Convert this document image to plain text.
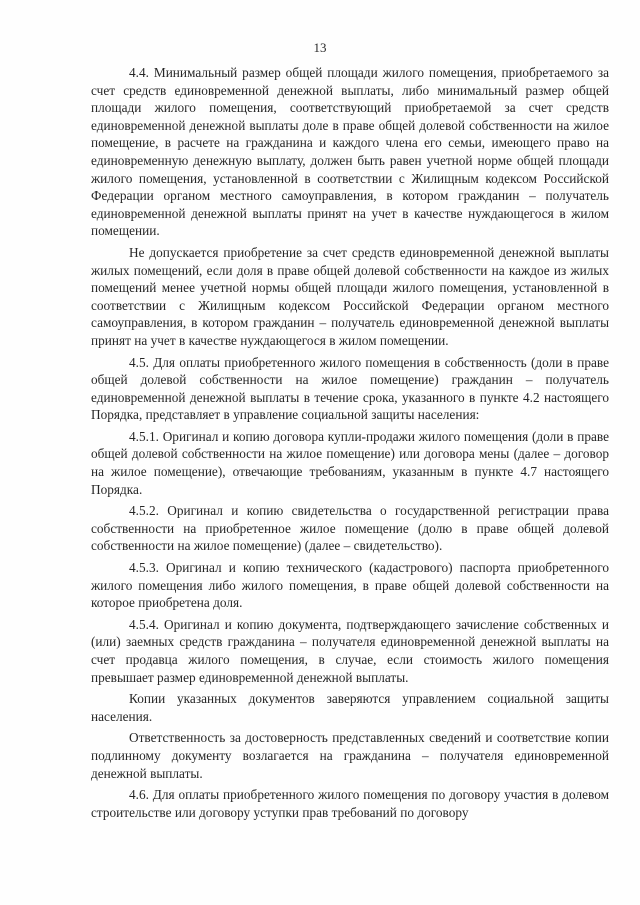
13

4.4. Минимальный размер общей площади жилого помещения, приобретаемого за счет средств единовременной денежной выплаты, либо минимальный размер общей площади жилого помещения, соответствующий приобретаемой за счет средств единовременной денежной выплаты доле в праве общей долевой собственности на жилое помещение, в расчете на гражданина и каждого члена его семьи, имеющего право на единовременную денежную выплату, должен быть равен учетной норме общей площади жилого помещения, установленной в соответствии с Жилищным кодексом Российской Федерации органом местного самоуправления, в котором гражданин – получатель единовременной денежной выплаты принят на учет в качестве нуждающегося в жилом помещении.

Не допускается приобретение за счет средств единовременной денежной выплаты жилых помещений, если доля в праве общей долевой собственности на каждое из жилых помещений менее учетной нормы общей площади жилого помещения, установленной в соответствии с Жилищным кодексом Российской Федерации органом местного самоуправления, в котором гражданин – получатель единовременной денежной выплаты принят на учет в качестве нуждающегося в жилом помещении.

4.5. Для оплаты приобретенного жилого помещения в собственность (доли в праве общей долевой собственности на жилое помещение) гражданин – получатель единовременной денежной выплаты в течение срока, указанного в пункте 4.2 настоящего Порядка, представляет в управление социальной защиты населения:

4.5.1. Оригинал и копию договора купли-продажи жилого помещения (доли в праве общей долевой собственности на жилое помещение) или договора мены (далее – договор на жилое помещение), отвечающие требованиям, указанным в пункте 4.7 настоящего Порядка.

4.5.2. Оригинал и копию свидетельства о государственной регистрации права собственности на приобретенное жилое помещение (долю в праве общей долевой собственности на жилое помещение) (далее – свидетельство).

4.5.3. Оригинал и копию технического (кадастрового) паспорта приобретенного жилого помещения либо жилого помещения, в праве общей долевой собственности на которое приобретена доля.

4.5.4. Оригинал и копию документа, подтверждающего зачисление собственных и (или) заемных средств гражданина – получателя единовременной денежной выплаты на счет продавца жилого помещения, в случае, если стоимость жилого помещения превышает размер единовременной денежной выплаты.

Копии указанных документов заверяются управлением социальной защиты населения.

Ответственность за достоверность представленных сведений и соответствие копии подлинному документу возлагается на гражданина – получателя единовременной денежной выплаты.

4.6. Для оплаты приобретенного жилого помещения по договору участия в долевом строительстве или договору уступки прав требований по договору
